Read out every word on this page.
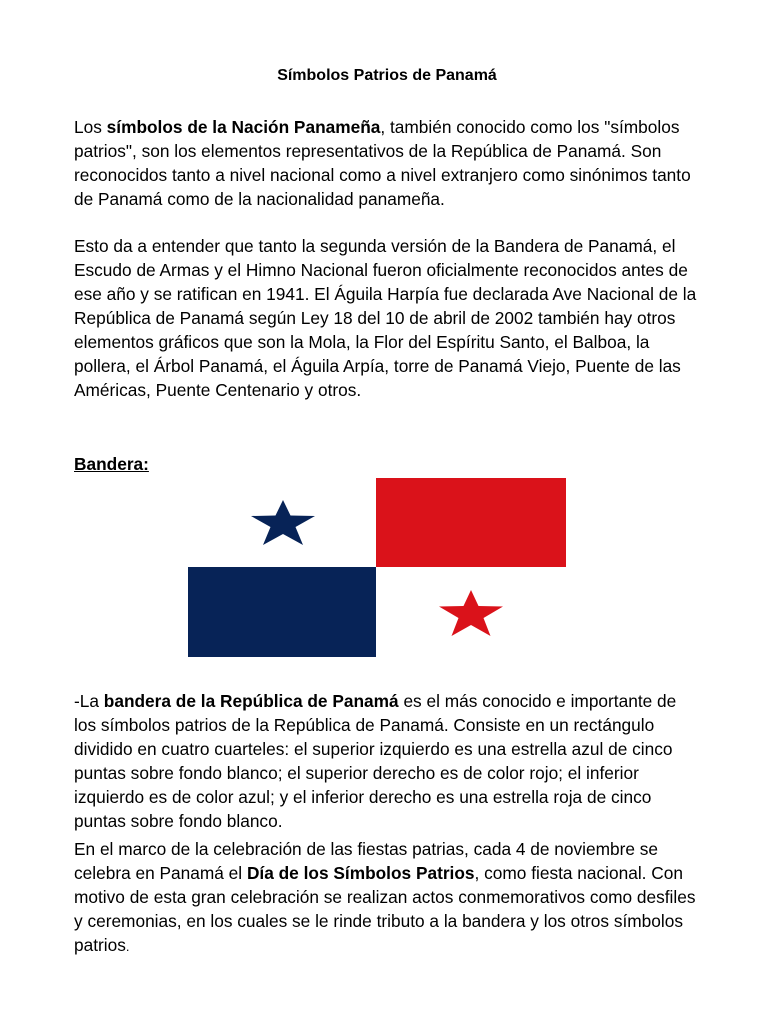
Símbolos Patrios de Panamá

Los símbolos de la Nación Panameña, también conocido como los "símbolos patrios", son los elementos representativos de la República de Panamá. Son reconocidos tanto a nivel nacional como a nivel extranjero como sinónimos tanto de Panamá como de la nacionalidad panameña.

Esto da a entender que tanto la segunda versión de la Bandera de Panamá, el Escudo de Armas y el Himno Nacional fueron oficialmente reconocidos antes de ese año y se ratifican en 1941. El Águila Harpía fue declarada Ave Nacional de la República de Panamá según Ley 18 del 10 de abril de 2002 también hay otros elementos gráficos que son la Mola, la Flor del Espíritu Santo, el Balboa, la pollera, el Árbol Panamá, el Águila Arpía, torre de Panamá Viejo, Puente de las Américas, Puente Centenario y otros.

Bandera:

-La bandera de la República de Panamá es el más conocido e importante de los símbolos patrios de la República de Panamá. Consiste en un rectángulo dividido en cuatro cuarteles: el superior izquierdo es una estrella azul de cinco puntas sobre fondo blanco; el superior derecho es de color rojo; el inferior izquierdo es de color azul; y el inferior derecho es una estrella roja de cinco puntas sobre fondo blanco.

En el marco de la celebración de las fiestas patrias, cada 4 de noviembre se celebra en Panamá el Día de los Símbolos Patrios, como fiesta nacional. Con motivo de esta gran celebración se realizan actos conmemorativos como desfiles y ceremonias, en los cuales se le rinde tributo a la bandera y los otros símbolos patrios.
